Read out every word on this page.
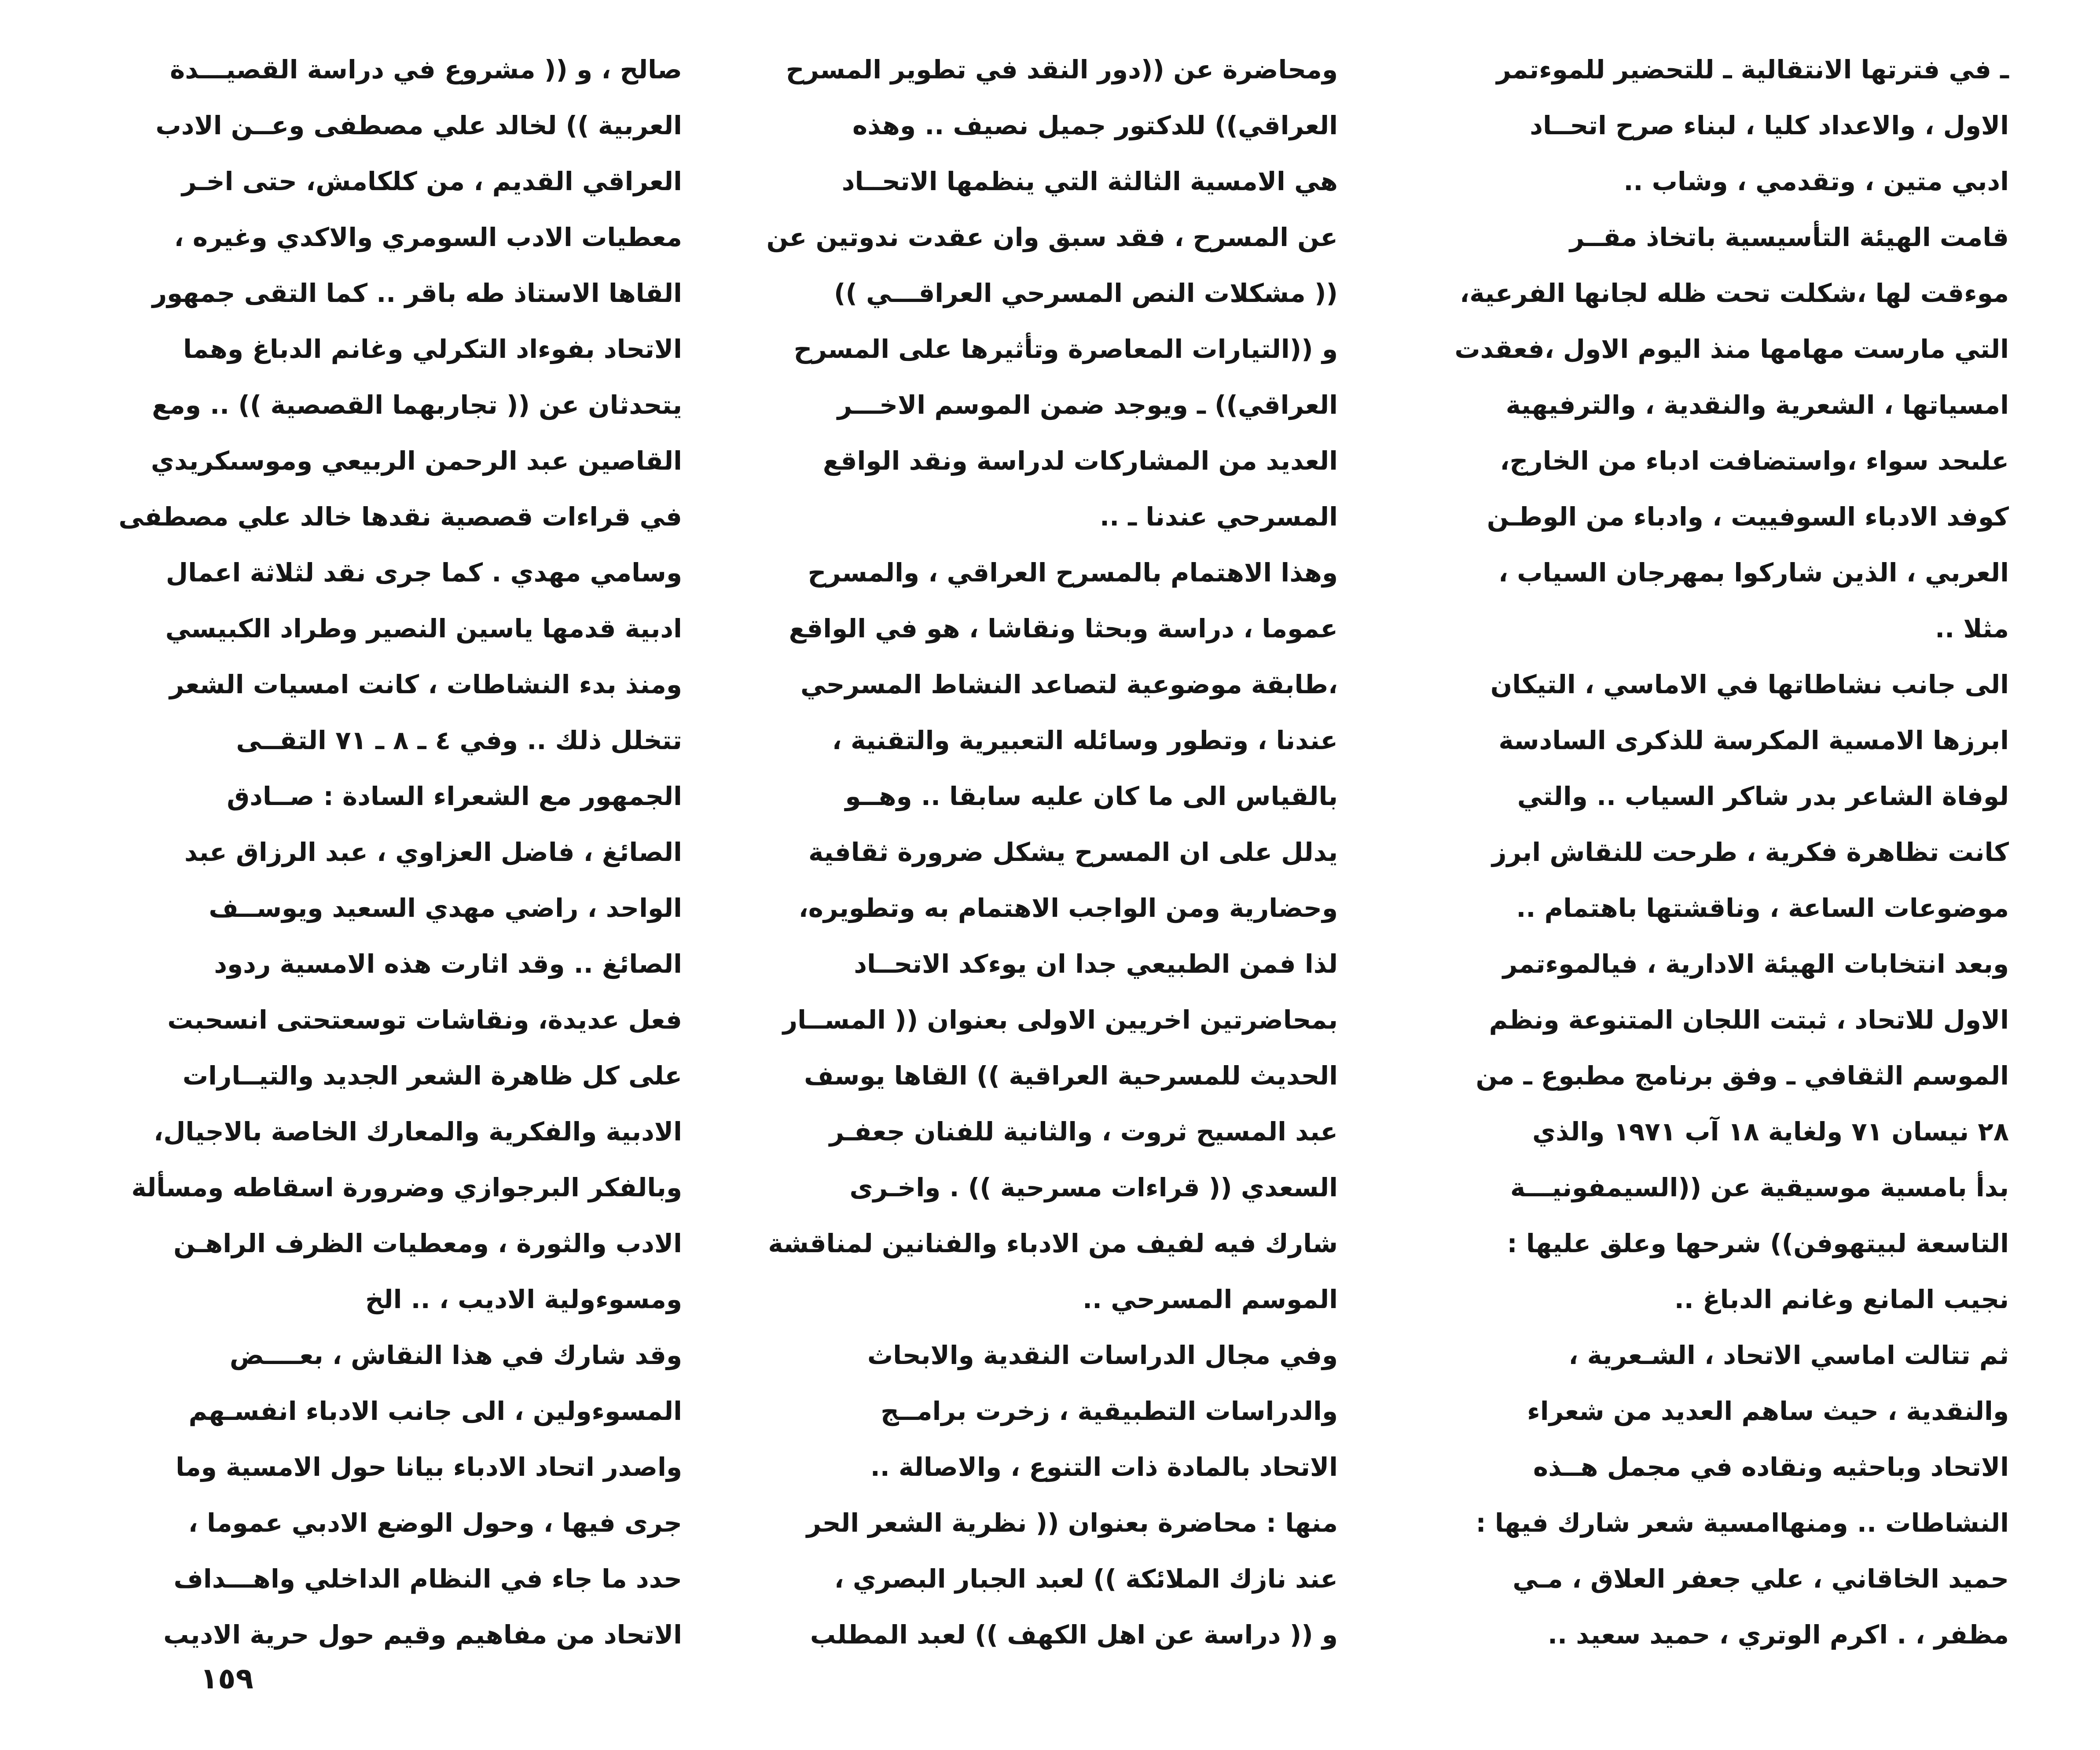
ـ في فترتها الانتقالية ـ للتحضير للموءتمر
الاول ، والاعداد كليا ، لبناء صرح اتحــاد
ادبي متين ، وتقدمي ، وشاب ..

قامت الهيئة التأسيسية باتخاذ مقــر
موءقت لها ،شكلت تحت ظله لجانها الفرعية،
التي مارست مهامها منذ اليوم الاول ،فعقدت
امسياتها ، الشعرية والنقدية ، والترفيهية
علىحد سواء ،واستضافت ادباء من الخارج،
كوفد الادباء السوفييت ، وادباء من الوطـن
العربي ، الذين شاركوا بمهرجان السياب ،
مثلا ..

الى جانب نشاطاتها في الاماسي ، التيكان
ابرزها الامسية المكرسة للذكرى السادسة
لوفاة الشاعر بدر شاكر السياب .. والتي
كانت تظاهرة فكرية ، طرحت للنقاش ابرز
موضوعات الساعة ، وناقشتها باهتمام ..

وبعد انتخابات الهيئة الادارية ، فيالموءتمر
الاول للاتحاد ، ثبتت اللجان المتنوعة ونظم
الموسم الثقافي ـ وفق برنامج مطبوع ـ من
٢٨ نيسان ٧١ ولغاية ١٨ آب ١٩٧١ والذي
بدأ بامسية موسيقية عن ((السيمفونيـــة
التاسعة لبيتهوفن)) شرحها وعلق عليها :
نجيب المانع وغانم الدباغ ..

ثم تتالت اماسي الاتحاد ، الشـعرية ،
والنقدية ، حيث ساهم العديد من شعراء
الاتحاد وباحثيه ونقاده في مجمل هــذه
النشاطات .. ومنهاامسية شعر شارك فيها :
حميد الخاقاني ، علي جعفر العلاق ، مـي
مظفر ، . اكرم الوتري ، حميد سعيد ..

ومحاضرة عن ((دور النقد في تطوير المسرح
العراقي)) للدكتور جميل نصيف .. وهذه
هي الامسية الثالثة التي ينظمها الاتحــاد
عن المسرح ، فقد سبق وان عقدت ندوتين عن
(( مشكلات النص المسرحي العراقـــي ))
و ((التيارات المعاصرة وتأثيرها على المسرح
العراقي)) ـ ويوجد ضمن الموسم الاخـــر
العديد من المشاركات لدراسة ونقد الواقع
المسرحي عندنا ـ ..

وهذا الاهتمام بالمسرح العراقي ، والمسرح
عموما ، دراسة وبحثا ونقاشا ، هو في الواقع
،طابقة موضوعية لتصاعد النشاط المسرحي
عندنا ، وتطور وسائله التعبيرية والتقنية ،
بالقياس الى ما كان عليه سابقا .. وهــو
يدلل على ان المسرح يشكل ضرورة ثقافية
وحضارية ومن الواجب الاهتمام به وتطويره،
لذا فمن الطبيعي جدا ان يوءكد الاتحــاد
بمحاضرتين اخريين الاولى بعنوان (( المســار
الحديث للمسرحية العراقية )) القاها يوسف
عبد المسيح ثروت ، والثانية للفنان جعفـر
السعدي (( قراءات مسرحية )) . واخـرى
شارك فيه لفيف من الادباء والفنانين لمناقشة
الموسم المسرحي ..

وفي مجال الدراسات النقدية والابحاث
والدراسات التطبيقية ، زخرت برامــج
الاتحاد بالمادة ذات التنوع ، والاصالة ..
منها : محاضرة بعنوان (( نظرية الشعر الحر
عند نازك الملائكة )) لعبد الجبار البصري ،
و (( دراسة عن اهل الكهف )) لعبد المطلب

صالح ، و (( مشروع في دراسة القصيـــدة
العربية )) لخالد علي مصطفى وعــن الادب
العراقي القديم ، من كلكامش، حتى اخـر
معطيات الادب السومري والاكدي وغيره ،
القاها الاستاذ طه باقر .. كما التقى جمهور
الاتحاد بفوءاد التكرلي وغانم الدباغ وهما
يتحدثان عن (( تجاربهما القصصية )) .. ومع
القاصين عبد الرحمن الربيعي وموسىكريدي
في قراءات قصصية نقدها خالد علي مصطفى
وسامي مهدي . كما جرى نقد لثلاثة اعمال
ادبية قدمها ياسين النصير وطراد الكبيسي
ومنذ بدء النشاطات ، كانت امسيات الشعر
تتخلل ذلك .. وفي ٤ ـ ٨ ـ ٧١ التقــى
الجمهور مع الشعراء السادة : صــادق
الصائغ ، فاضل العزاوي ، عبد الرزاق عبد
الواحد ، راضي مهدي السعيد ويوســف
الصائغ .. وقد اثارت هذه الامسية ردود
فعل عديدة، ونقاشات توسعتحتى انسحبت
على كل ظاهرة الشعر الجديد والتيــارات
الادبية والفكرية والمعارك الخاصة بالاجيال،
وبالفكر البرجوازي وضرورة اسقاطه ومسألة
الادب والثورة ، ومعطيات الظرف الراهـن
ومسوءولية الاديب ، .. الخ

وقد شارك في هذا النقاش ، بعــــض
المسوءولين ، الى جانب الادباء انفسـهم
واصدر اتحاد الادباء بيانا حول الامسية وما
جرى فيها ، وحول الوضع الادبي عموما ،
حدد ما جاء في النظام الداخلي واهـــداف
الاتحاد من مفاهيم وقيم حول حرية الاديب

١٥٩
